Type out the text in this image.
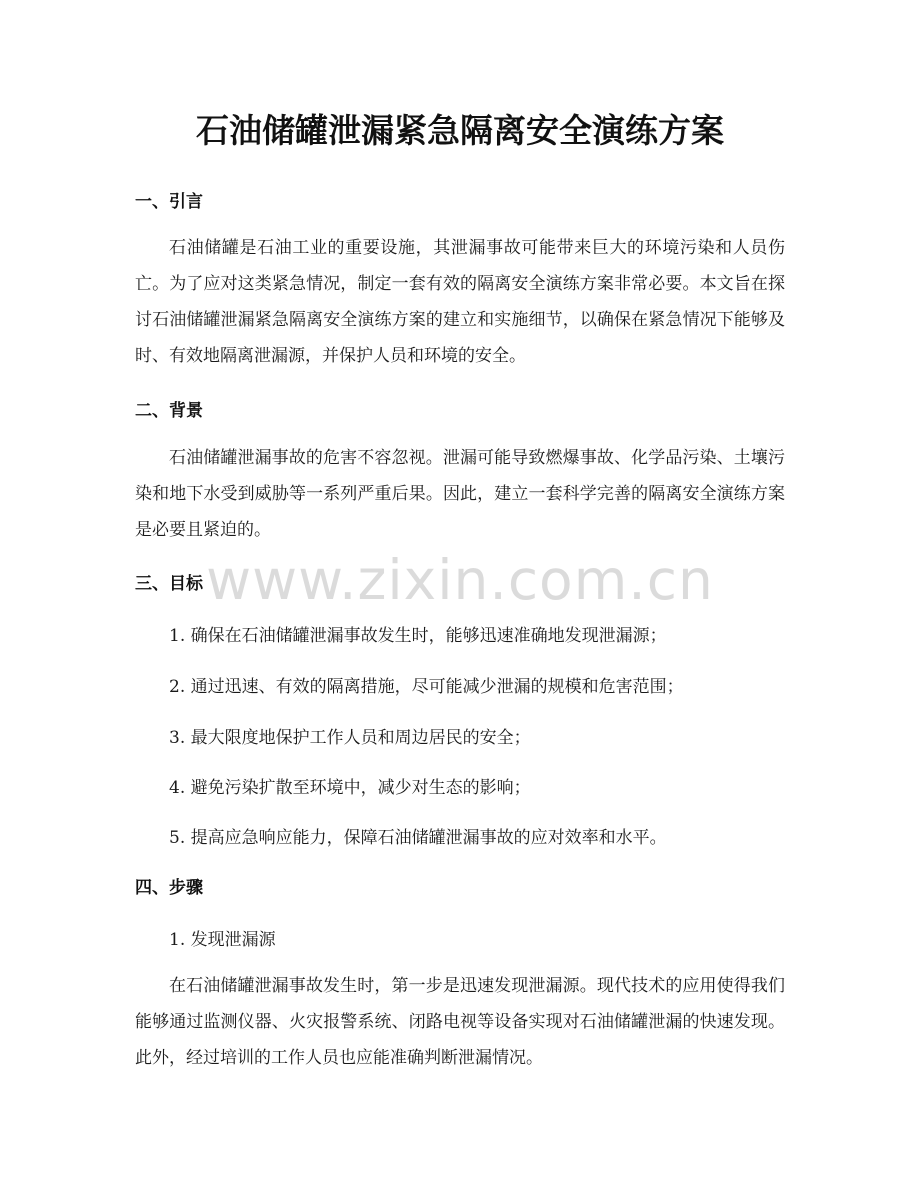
石油储罐泄漏紧急隔离安全演练方案
一、引言

石油储罐是石油工业的重要设施，其泄漏事故可能带来巨大的环境污染和人员伤亡。为了应对这类紧急情况，制定一套有效的隔离安全演练方案非常必要。本文旨在探讨石油储罐泄漏紧急隔离安全演练方案的建立和实施细节，以确保在紧急情况下能够及时、有效地隔离泄漏源，并保护人员和环境的安全。

二、背景

石油储罐泄漏事故的危害不容忽视。泄漏可能导致燃爆事故、化学品污染、土壤污染和地下水受到威胁等一系列严重后果。因此，建立一套科学完善的隔离安全演练方案是必要且紧迫的。

三、目标

1. 确保在石油储罐泄漏事故发生时，能够迅速准确地发现泄漏源；

2. 通过迅速、有效的隔离措施，尽可能减少泄漏的规模和危害范围；

3. 最大限度地保护工作人员和周边居民的安全；

4. 避免污染扩散至环境中，减少对生态的影响；

5. 提高应急响应能力，保障石油储罐泄漏事故的应对效率和水平。

四、步骤

1. 发现泄漏源

在石油储罐泄漏事故发生时，第一步是迅速发现泄漏源。现代技术的应用使得我们能够通过监测仪器、火灾报警系统、闭路电视等设备实现对石油储罐泄漏的快速发现。此外，经过培训的工作人员也应能准确判断泄漏情况。

www.zixin.com.cn
